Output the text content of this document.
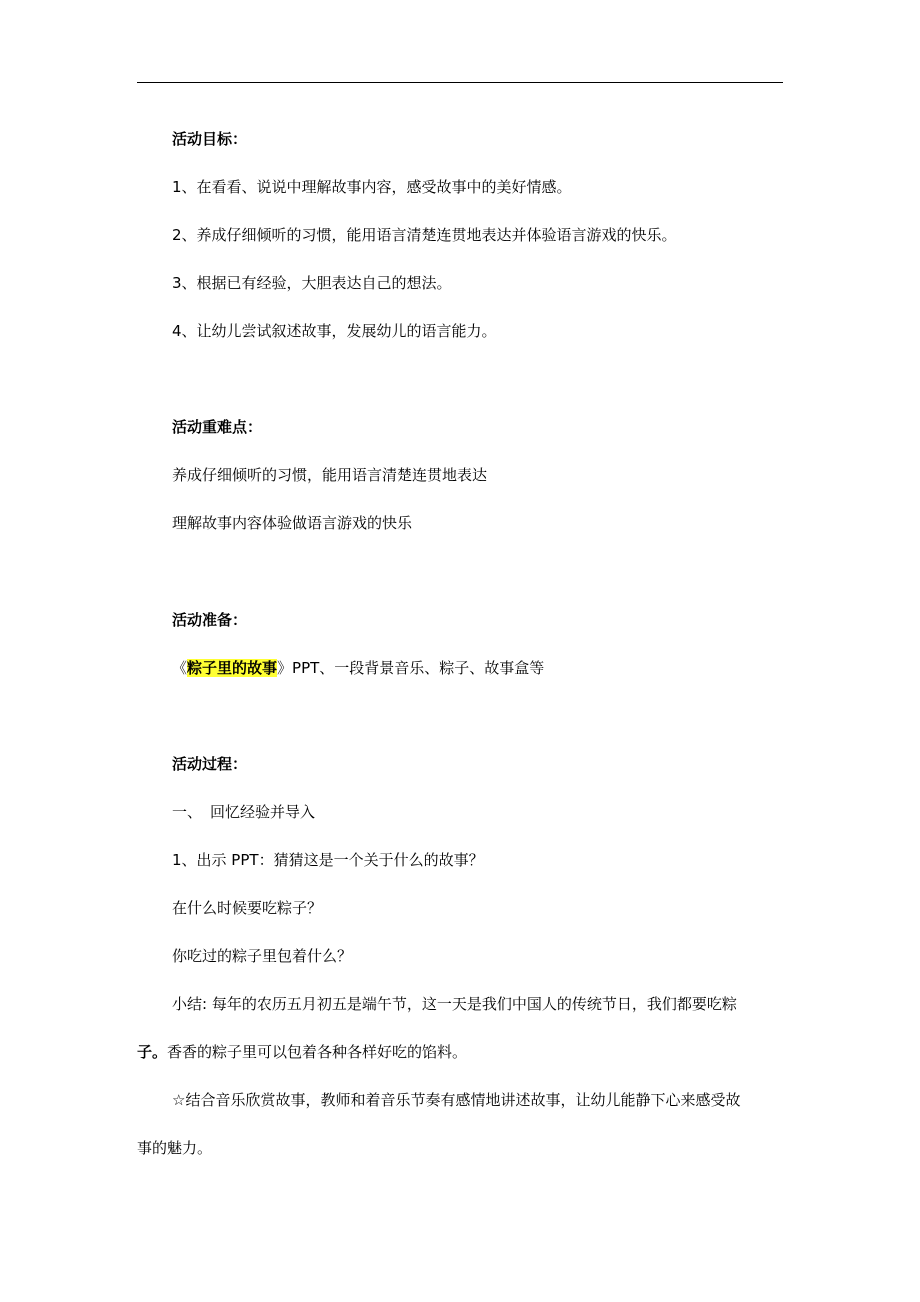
活动目标：
1、在看看、说说中理解故事内容，感受故事中的美好情感。
2、养成仔细倾听的习惯，能用语言清楚连贯地表达并体验语言游戏的快乐。
3、根据已有经验，大胆表达自己的想法。
4、让幼儿尝试叙述故事，发展幼儿的语言能力。
活动重难点：
养成仔细倾听的习惯，能用语言清楚连贯地表达
理解故事内容体验做语言游戏的快乐
活动准备：
《粽子里的故事》PPT、一段背景音乐、粽子、故事盒等
活动过程：
一、 回忆经验并导入
1、出示 PPT：猜猜这是一个关于什么的故事？
在什么时候要吃粽子？
你吃过的粽子里包着什么？
小结: 每年的农历五月初五是端午节，这一天是我们中国人的传统节日，我们都要吃粽
子。香香的粽子里可以包着各种各样好吃的馅料。
☆结合音乐欣赏故事，教师和着音乐节奏有感情地讲述故事，让幼儿能静下心来感受故
事的魅力。
